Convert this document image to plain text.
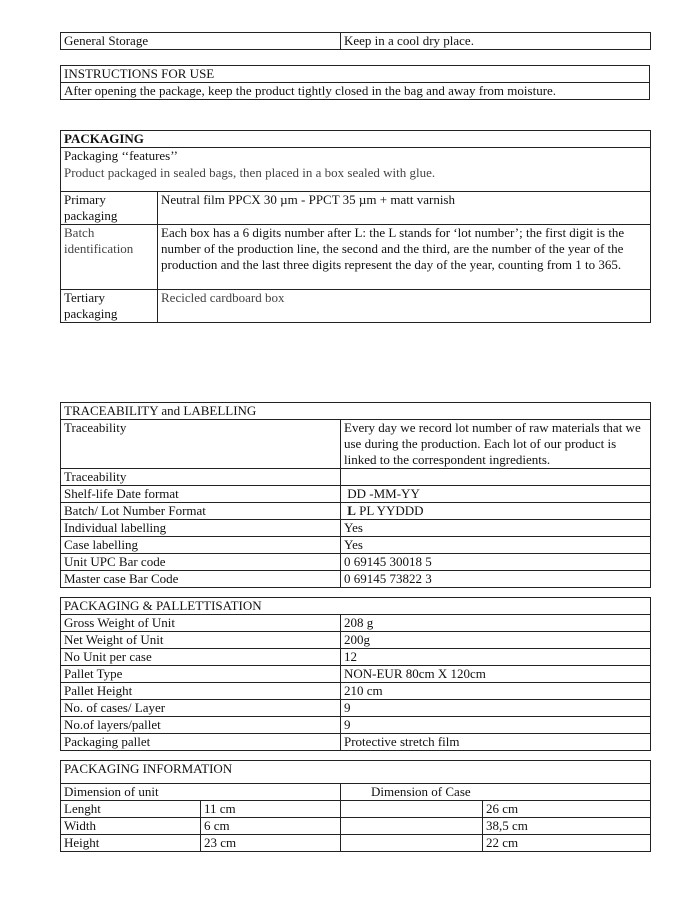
General Storage	Keep in a cool dry place.
INSTRUCTIONS FOR USE
After opening the package, keep the product tightly closed in the bag and away from moisture.
PACKAGING	
Packaging ‘‘features’’	
Product packaged in sealed bags, then placed in a box sealed with glue.	
Primary packaging	Neutral film PPCX 30 µm - PPCT 35 µm + matt varnish
Batch identification	Each box has a 6 digits number after L: the L stands for ‘lot number’; the first digit is the number of the production line, the second and the third, are the number of the year of the production and the last three digits represent the day of the year, counting from 1 to 365.
Tertiary packaging	Recicled cardboard box
TRACEABILITY and LABELLING	
Traceability	Every day we record lot number of raw materials that we use during the production. Each lot of our product is linked to the correspondent ingredients.
Traceability	
Shelf-life Date format	DD -MM-YY
Batch/ Lot Number Format	L PL YYDDD
Individual labelling	Yes
Case labelling	Yes
Unit UPC Bar code	0 69145 30018 5
Master case Bar Code	0 69145 73822 3
PACKAGING & PALLETTISATION	
Gross Weight of Unit	208 g
Net Weight of Unit	200g
No Unit per case	12
Pallet Type	NON-EUR 80cm X 120cm
Pallet Height	210 cm
No. of cases/ Layer	9
No.of layers/pallet	9
Packaging pallet	Protective stretch film
PACKAGING INFORMATION			
Dimension of unit		Dimension of Case	
Lenght	11 cm		26 cm
Width	6 cm		38,5 cm
Height	23 cm		22 cm
